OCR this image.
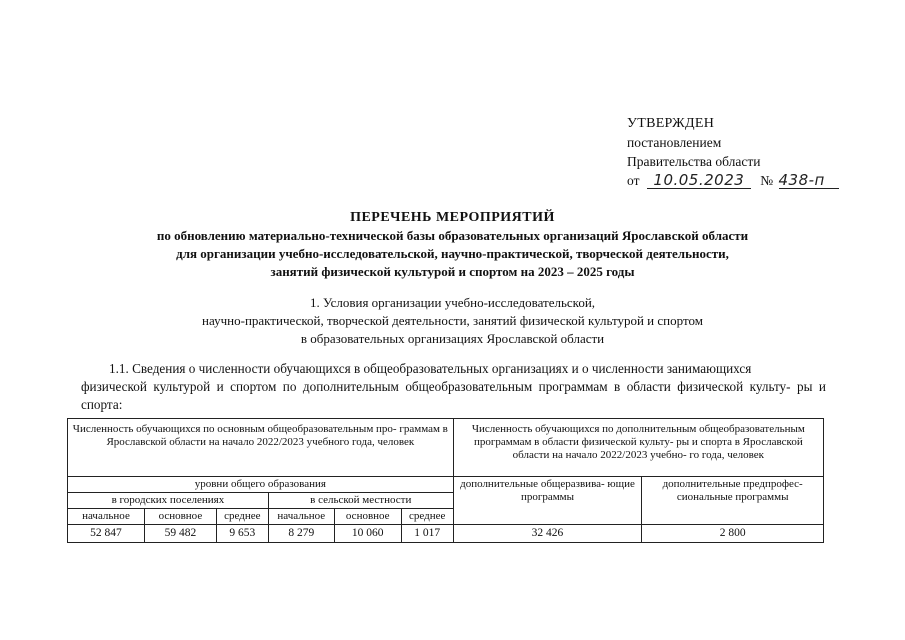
УТВЕРЖДЕН
постановлением
Правительства области
от 10.05.2023 № 438-п
ПЕРЕЧЕНЬ МЕРОПРИЯТИЙ
по обновлению материально-технической базы образовательных организаций Ярославской области
для организации учебно-исследовательской, научно-практической, творческой деятельности,
занятий физической культурой и спортом на 2023 – 2025 годы
1. Условия организации учебно-исследовательской,
научно-практической, творческой деятельности, занятий физической культурой и спортом
в образовательных организациях Ярославской области
1.1. Сведения о численности обучающихся в общеобразовательных организациях и о численности занимающихся
физической культурой и спортом по дополнительным общеобразовательным программам в области физической культу- ры и спорта:
Численность обучающихся по основным общеобразовательным про- граммам в Ярославской области на начало 2022/2023 учебного года, человек						Численность обучающихся по дополнительным общеобразовательным программам в области физической культу- ры и спорта в Ярославской области на начало 2022/2023 учебно- го года, человек	
уровни общего образования						дополнительные общеразвива- ющие программы	дополнительные предпрофес- сиональные программы
в городских поселениях			в сельской местности				
начальное	основное	среднее	начальное	основное	среднее		
52 847	59 482	9 653	8 279	10 060	1 017	32 426	2 800
